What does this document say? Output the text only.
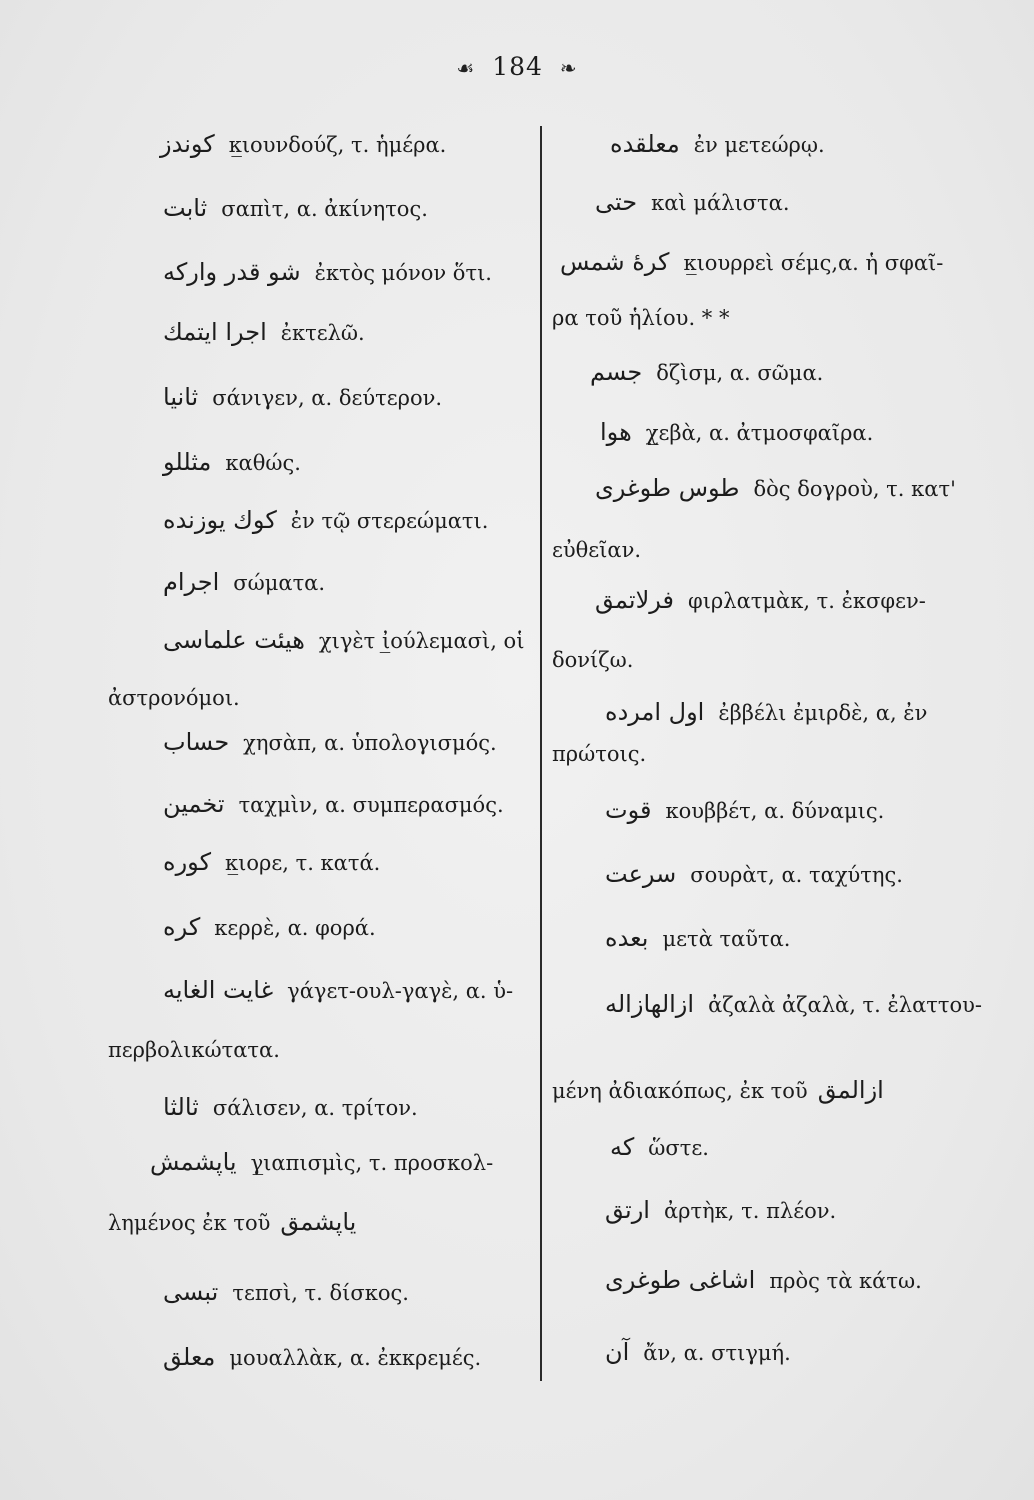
☙ 184 ❧
كوندز κ̲ιουνδούζ, τ. ἡμέρα.
ثابت σαπὶτ, α. ἀκίνητος.
شو قدر واركه ἐκτὸς μόνον ὅτι.
اجرا ايتمك ἐκτελῶ.
ثانيا σάνιγεν, α. δεύτερον.
مثللو καθώς.
كوك يوزنده ἐν τῷ στερεώματι.
اجرام σώματα.
هيئت علماسى χιγὲτ ἰ̲ούλεμασὶ, οἱ
ἀστρονόμοι.
حساب χησὰπ, α. ὑπολογισμός.
تخمين ταχμὶν, α. συμπερασμός.
كوره κ̲ιορε, τ. κατά.
كره κερρὲ, α. φορά.
غايت الغايه γάγετ-ουλ-γαγὲ, α. ὑ-
περβολικώτατα.
ثالثا σάλισεν, α. τρίτον.
ياپشمش γ̲ιαπισμὶς, τ. προσκολ-
λημένος ἐκ τοῦ ياپشمق
تبسى τεπσὶ, τ. δίσκος.
معلق μουαλλὰκ, α. ἐκκρεμές.
معلقده ἐν μετεώρῳ.
حتى καὶ μάλιστα.
كرهٔ شمس κ̲ιουρρεὶ σέμς,α. ἡ σφαῖ-
ρα τοῦ ἡλίου. * *
جسم δζὶσμ, α. σῶμα.
هوا χ̲εβὰ, α. ἀτμοσφαῖρα.
طوس طوغرى δὸς δογροὺ, τ. κατ'
εὐθεῖαν.
فرلاتمق φιρλατμὰκ, τ. ἐκσφεν-
δονίζω.
اول امرده ἐββέλι ἐμιρδὲ, α, ἐν
πρώτοις.
قوت κουββέτ, α. δύναμις.
سرعت σουρὰτ, α. ταχύτης.
بعده μετὰ ταῦτα.
ازالهازاله ἀζαλὰ ἀζαλὰ, τ. ἐλαττου-
μένη ἀδιακόπως, ἐκ τοῦ ازالمق
كه ὥστε.
ارتق ἀρτὴκ, τ. πλέον.
اشاغى طوغرى πρὸς τὰ κάτω.
آن ἄν, α. στιγμή.
